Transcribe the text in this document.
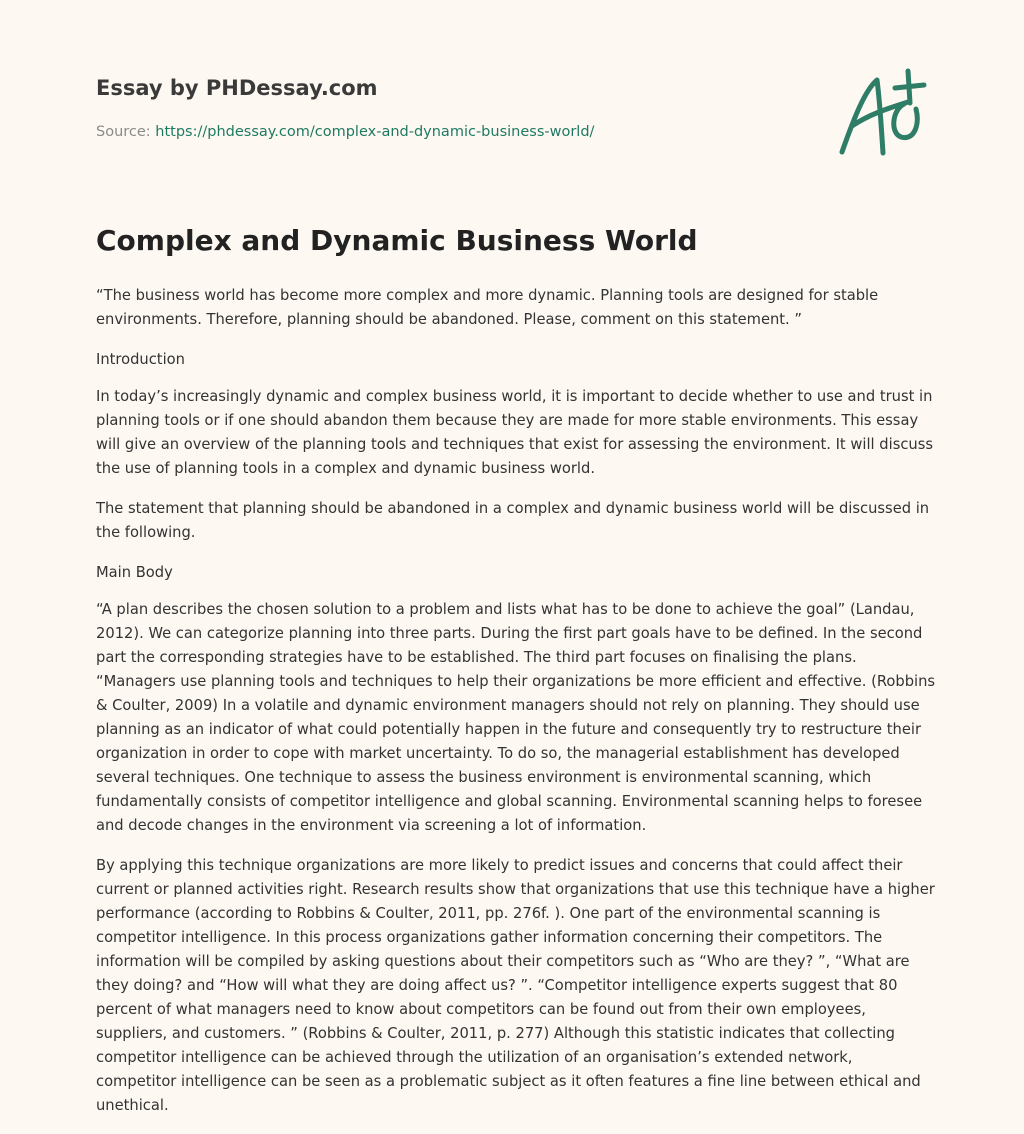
Essay by PHDessay.com

Source: https://phdessay.com/complex-and-dynamic-business-world/

Complex and Dynamic Business World

“The business world has become more complex and more dynamic. Planning tools are designed for stable environments. Therefore, planning should be abandoned. Please, comment on this statement. ”

Introduction

In today’s increasingly dynamic and complex business world, it is important to decide whether to use and trust in planning tools or if one should abandon them because they are made for more stable environments. This essay will give an overview of the planning tools and techniques that exist for assessing the environment. It will discuss the use of planning tools in a complex and dynamic business world.

The statement that planning should be abandoned in a complex and dynamic business world will be discussed in the following.

Main Body

“A plan describes the chosen solution to a problem and lists what has to be done to achieve the goal” (Landau, 2012). We can categorize planning into three parts. During the first part goals have to be defined. In the second part the corresponding strategies have to be established. The third part focuses on finalising the plans. “Managers use planning tools and techniques to help their organizations be more efficient and effective. (Robbins & Coulter, 2009) In a volatile and dynamic environment managers should not rely on planning. They should use planning as an indicator of what could potentially happen in the future and consequently try to restructure their organization in order to cope with market uncertainty. To do so, the managerial establishment has developed several techniques. One technique to assess the business environment is environmental scanning, which fundamentally consists of competitor intelligence and global scanning. Environmental scanning helps to foresee and decode changes in the environment via screening a lot of information.

By applying this technique organizations are more likely to predict issues and concerns that could affect their current or planned activities right. Research results show that organizations that use this technique have a higher performance (according to Robbins & Coulter, 2011, pp. 276f. ). One part of the environmental scanning is competitor intelligence. In this process organizations gather information concerning their competitors. The information will be compiled by asking questions about their competitors such as “Who are they? ”, “What are they doing? and “How will what they are doing affect us? ”. “Competitor intelligence experts suggest that 80 percent of what managers need to know about competitors can be found out from their own employees, suppliers, and customers. ” (Robbins & Coulter, 2011, p. 277) Although this statistic indicates that collecting competitor intelligence can be achieved through the utilization of an organisation’s extended network, competitor intelligence can be seen as a problematic subject as it often features a fine line between ethical and unethical.
